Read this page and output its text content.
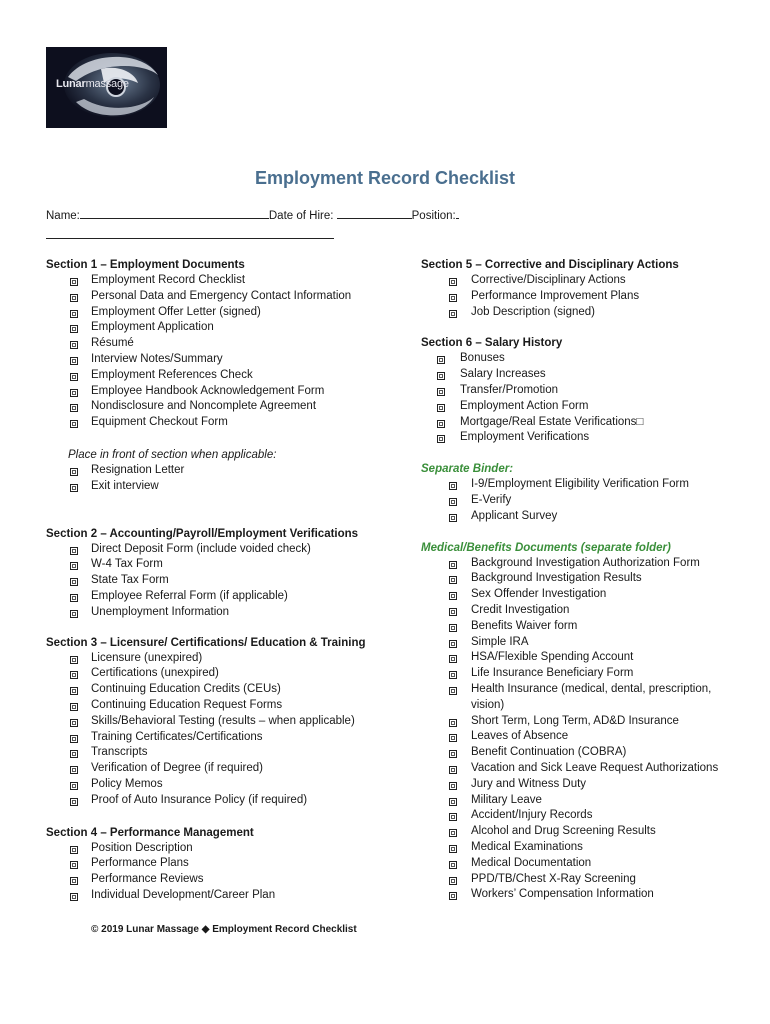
Lunarmassage
Employment Record Checklist
Name:	Date of Hire:	Position:
Section 1 – Employment Documents
Employment Record Checklist
Personal Data and Emergency Contact Information
Employment Offer Letter (signed)
Employment Application
Résumé
Interview Notes/Summary
Employment References Check
Employee Handbook Acknowledgement Form
Nondisclosure and Noncomplete Agreement
Equipment Checkout Form
Place in front of section when applicable:
Resignation Letter
Exit interview
Section 2 – Accounting/Payroll/Employment Verifications
Direct Deposit Form (include voided check)
W-4 Tax Form
State Tax Form
Employee Referral Form (if applicable)
Unemployment Information
Section 3 – Licensure/ Certifications/ Education & Training
Licensure (unexpired)
Certifications (unexpired)
Continuing Education Credits (CEUs)
Continuing Education Request Forms
Skills/Behavioral Testing (results – when applicable)
Training Certificates/Certifications
Transcripts
Verification of Degree (if required)
Policy Memos
Proof of Auto Insurance Policy (if required)
Section 4 – Performance Management
Position Description
Performance Plans
Performance Reviews
Individual Development/Career Plan
Section 5 – Corrective and Disciplinary Actions
Corrective/Disciplinary Actions
Performance Improvement Plans
Job Description (signed)
Section 6 – Salary History
Bonuses
Salary Increases
Transfer/Promotion
Employment Action Form
Mortgage/Real Estate Verifications□
Employment Verifications
Separate Binder:
I-9/Employment Eligibility Verification Form
E-Verify
Applicant Survey
Medical/Benefits Documents (separate folder)
Background Investigation Authorization Form
Background Investigation Results
Sex Offender Investigation
Credit Investigation
Benefits Waiver form
Simple IRA
HSA/Flexible Spending Account
Life Insurance Beneficiary Form
Health Insurance (medical, dental, prescription, vision)
Short Term, Long Term, AD&D Insurance
Leaves of Absence
Benefit Continuation (COBRA)
Vacation and Sick Leave Request Authorizations
Jury and Witness Duty
Military Leave
Accident/Injury Records
Alcohol and Drug Screening Results
Medical Examinations
Medical Documentation
PPD/TB/Chest X-Ray Screening
Workers’ Compensation Information
© 2019 Lunar Massage ◆ Employment Record Checklist
